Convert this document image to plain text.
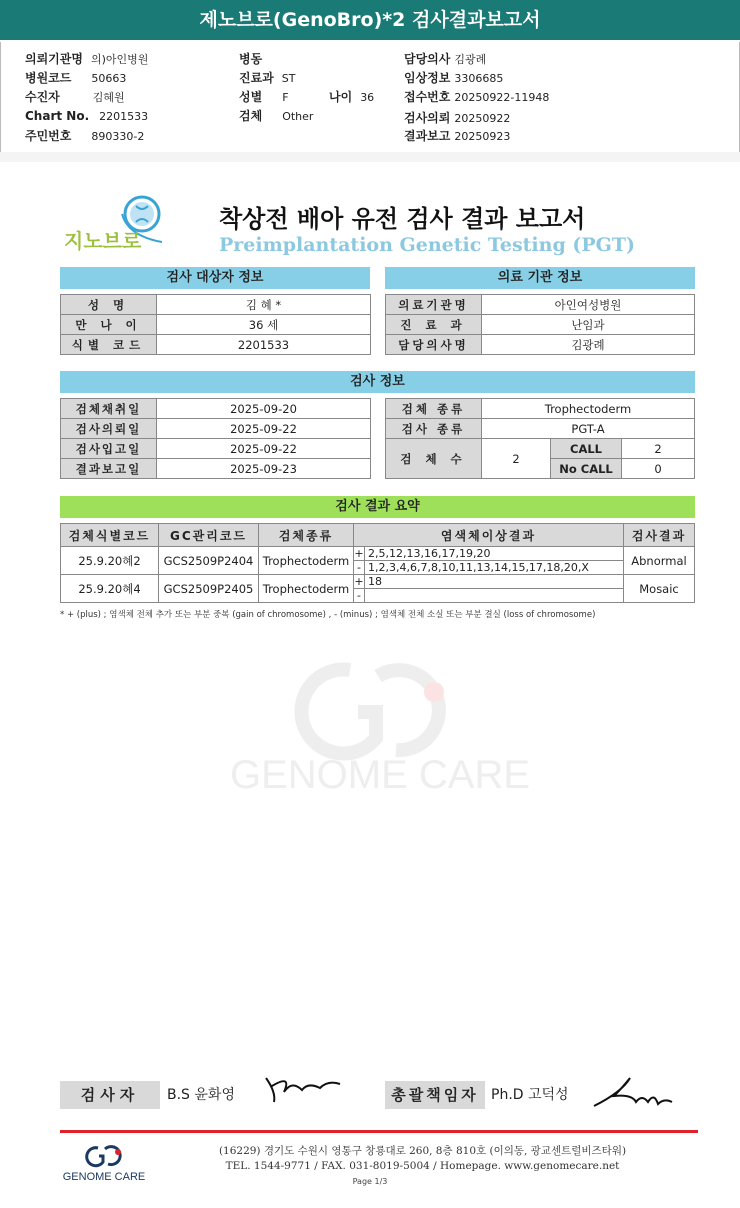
제노브로(GenoBro)*2 검사결과보고서
의뢰기관명 의)아인병원
병원코드 50663
수진자	김혜원
Chart No. 2201533
주민번호 890330-2
병동
진료과 ST
성별 F	나이 36
검체 Other
담당의사 김광례
임상정보 3306685
접수번호 20250922-11948
검사의뢰 20250922
결과보고 20250923
지노브로
착상전 배아 유전 검사 결과 보고서
Preimplantation Genetic Testing (PGT)
검사 대상자 정보	의료 기관 정보
성 명	김 혜 *
만 나 이	36 세
식별 코드	2201533
의료기관명	아인여성병원
진 료 과	난임과
담당의사명	김광례
검사 정보
검체채취일	2025-09-20
검사의뢰일	2025-09-22
검사입고일	2025-09-22
결과보고일	2025-09-23
검체 종류	Trophectoderm		
검사 종류	PGT-A		
검 체 수	2	CALL	2
		No CALL	0
검사 결과 요약
검체식별코드	GC관리코드	검체종류	염색체이상결과	검사결과
25.9.20혜2	GCS2509P2404	Trophectoderm	+ 2,5,12,13,16,17,19,20
- 1,2,3,4,6,7,8,10,11,13,14,15,17,18,20,X	Abnormal
25.9.20혜4	GCS2509P2405	Trophectoderm	+ 18
-	Mosaic
* + (plus) ; 염색체 전체 추가 또는 부분 중복 (gain of chromosome) , - (minus) ; 염색체 전체 소실 또는 부분 결실 (loss of chromosome)
GENOME CARE
검사자	B.S 윤화영	총괄책임자 Ph.D 고덕성
GENOME CARE
(16229) 경기도 수원시 영통구 창룡대로 260, 8층 810호 (이의동, 광교센트럴비즈타워)
TEL. 1544-9771 / FAX. 031-8019-5004 / Homepage. www.genomecare.net
Page 1/3
